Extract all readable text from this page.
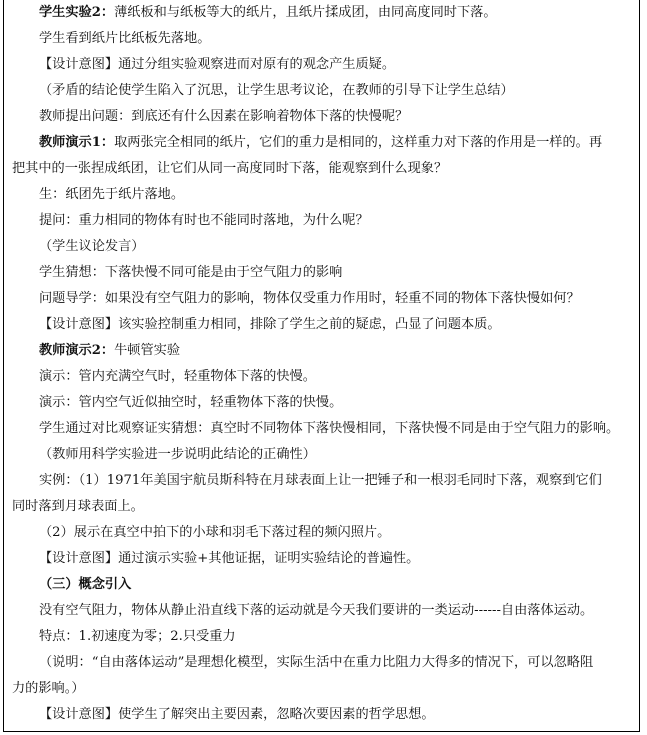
学生实验2：薄纸板和与纸板等大的纸片，且纸片揉成团，由同高度同时下落。
学生看到纸片比纸板先落地。
【设计意图】通过分组实验观察进而对原有的观念产生质疑。
（矛盾的结论使学生陷入了沉思，让学生思考议论，在教师的引导下让学生总结）
教师提出问题：到底还有什么因素在影响着物体下落的快慢呢？
教师演示1：取两张完全相同的纸片，它们的重力是相同的，这样重力对下落的作用是一样的。再
把其中的一张捏成纸团，让它们从同一高度同时下落，能观察到什么现象？
生：纸团先于纸片落地。
提问：重力相同的物体有时也不能同时落地，为什么呢？
（学生议论发言）
学生猜想：下落快慢不同可能是由于空气阻力的影响
问题导学：如果没有空气阻力的影响，物体仅受重力作用时，轻重不同的物体下落快慢如何？
【设计意图】该实验控制重力相同，排除了学生之前的疑虑，凸显了问题本质。
教师演示2：牛顿管实验
演示：管内充满空气时，轻重物体下落的快慢。
演示：管内空气近似抽空时，轻重物体下落的快慢。
学生通过对比观察证实猜想：真空时不同物体下落快慢相同，下落快慢不同是由于空气阻力的影响。
（教师用科学实验进一步说明此结论的正确性）
实例：（1）1971年美国宇航员斯科特在月球表面上让一把锤子和一根羽毛同时下落，观察到它们
同时落到月球表面上。
（2）展示在真空中拍下的小球和羽毛下落过程的频闪照片。
【设计意图】通过演示实验+其他证据，证明实验结论的普遍性。
（三）概念引入
没有空气阻力，物体从静止沿直线下落的运动就是今天我们要讲的一类运动------自由落体运动。
特点：1.初速度为零；2.只受重力
（说明：“自由落体运动”是理想化模型，实际生活中在重力比阻力大得多的情况下，可以忽略阻
力的影响。）
【设计意图】使学生了解突出主要因素，忽略次要因素的哲学思想。
